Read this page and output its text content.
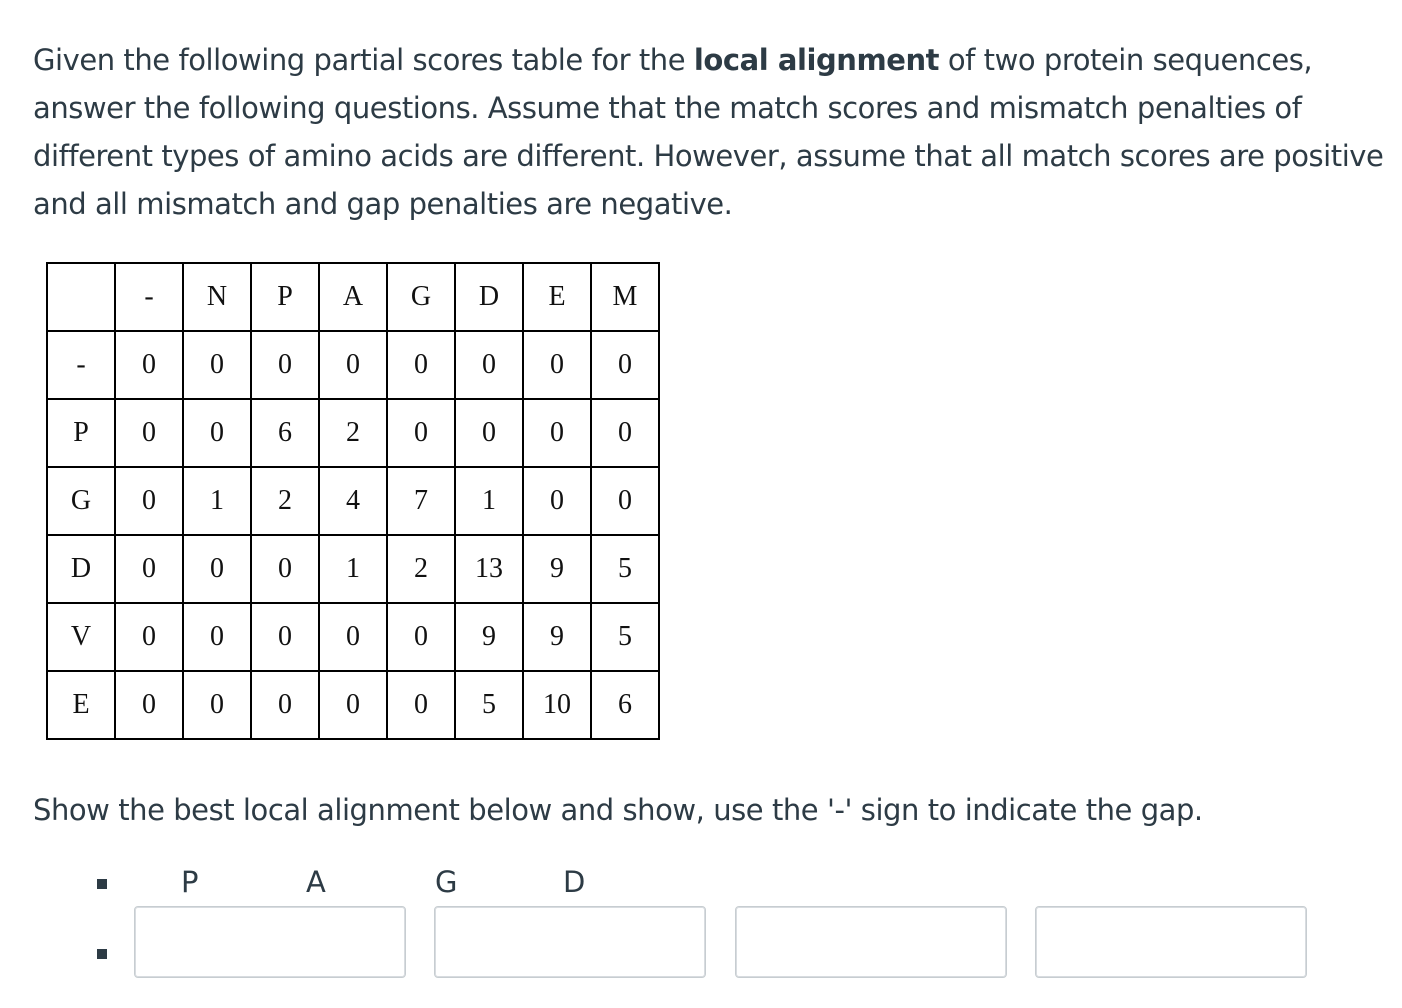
Given the following partial scores table for the local alignment of two protein sequences, answer the following questions. Assume that the match scores and mismatch penalties of different types of amino acids are different. However, assume that all match scores are positive and all mismatch and gap penalties are negative.

	-	N	P	A	G	D	E	M
-	0	0	0	0	0	0	0	0
P	0	0	6	2	0	0	0	0
G	0	1	2	4	7	1	0	0
D	0	0	0	1	2	13	9	5
V	0	0	0	0	0	9	9	5
E	0	0	0	0	0	5	10	6

Show the best local alignment below and show, use the '-' sign to indicate the gap.

P	A	G	D
